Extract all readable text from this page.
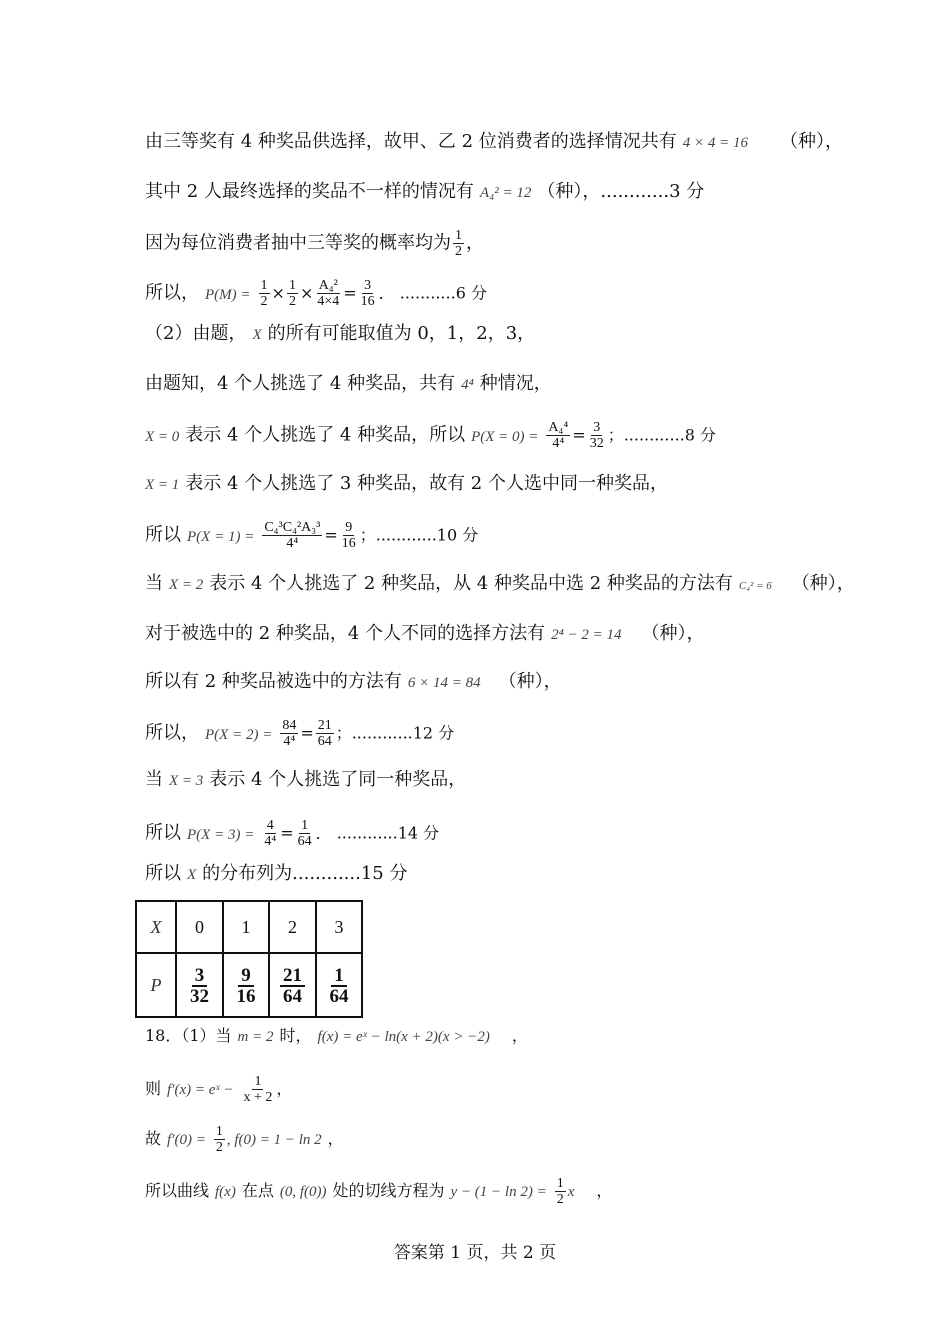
由三等奖有 4 种奖品供选择，故甲、乙 2 位消费者的选择情况共有 4 × 4 = 16 （种），
其中 2 人最终选择的奖品不一样的情况有 A₄² = 12 （种），............3 分
因为每位消费者抽中三等奖的概率均为 $\frac{1}{2}$ ，
所以， $P(M) = \frac{1}{2} \times \frac{1}{2} \times \frac{\text{A₄²}}{4\times 4} = \frac{3}{16}$ ． ...........6 分
（2）由题， X 的所有可能取值为 0，1，2，3，
由题知，4 个人挑选了 4 种奖品，共有 4⁴ 种情况，
X = 0 表示 4 个人挑选了 4 种奖品，所以 $P(X = 0) = \frac{\text{A₄⁴}}{\text{4⁴}} = \frac{3}{32}$ ；............8 分
X = 1 表示 4 个人挑选了 3 种奖品，故有 2 个人选中同一种奖品，
所以 $P(X = 1) = \frac{\text{C₄³C₄²A₃³}}{\text{4⁴}} = \frac{9}{16}$ ；............10 分
当 X = 2 表示 4 个人挑选了 2 种奖品，从 4 种奖品中选 2 种奖品的方法有 C₄² = 6 （种），
对于被选中的 2 种奖品，4 个人不同的选择方法有 2⁴ − 2 = 14 （种），
所以有 2 种奖品被选中的方法有 6 × 14 = 84 （种），
所以， $P(X = 2) = \frac{84}{\text{4⁴}} = \frac{21}{64}$ ；............12 分
当 X = 3 表示 4 个人挑选了同一种奖品，
所以 $P(X = 3) = \frac{4}{\text{4⁴}} = \frac{1}{64}$ ． ............14 分
所以 X 的分布列为............15 分
X	0	1	2	3
P	$\frac{3}{32}$	$\frac{9}{16}$	$\frac{21}{64}$	$\frac{1}{64}$
18．（1）当 m = 2 时， f(x) = eˣ − ln(x + 2)(x > −2) ，
则 f′(x) = eˣ − $\frac{1}{x + 2}$ ，
故 $f'(0) = \frac{1}{2}$ , f(0) = 1 − ln 2 ，
所以曲线 f(x) 在点 (0, f(0)) 处的切线方程为 $y - (1 - \ln 2) = \frac{1}{2}$ x ，
答案第 1 页，共 2 页
